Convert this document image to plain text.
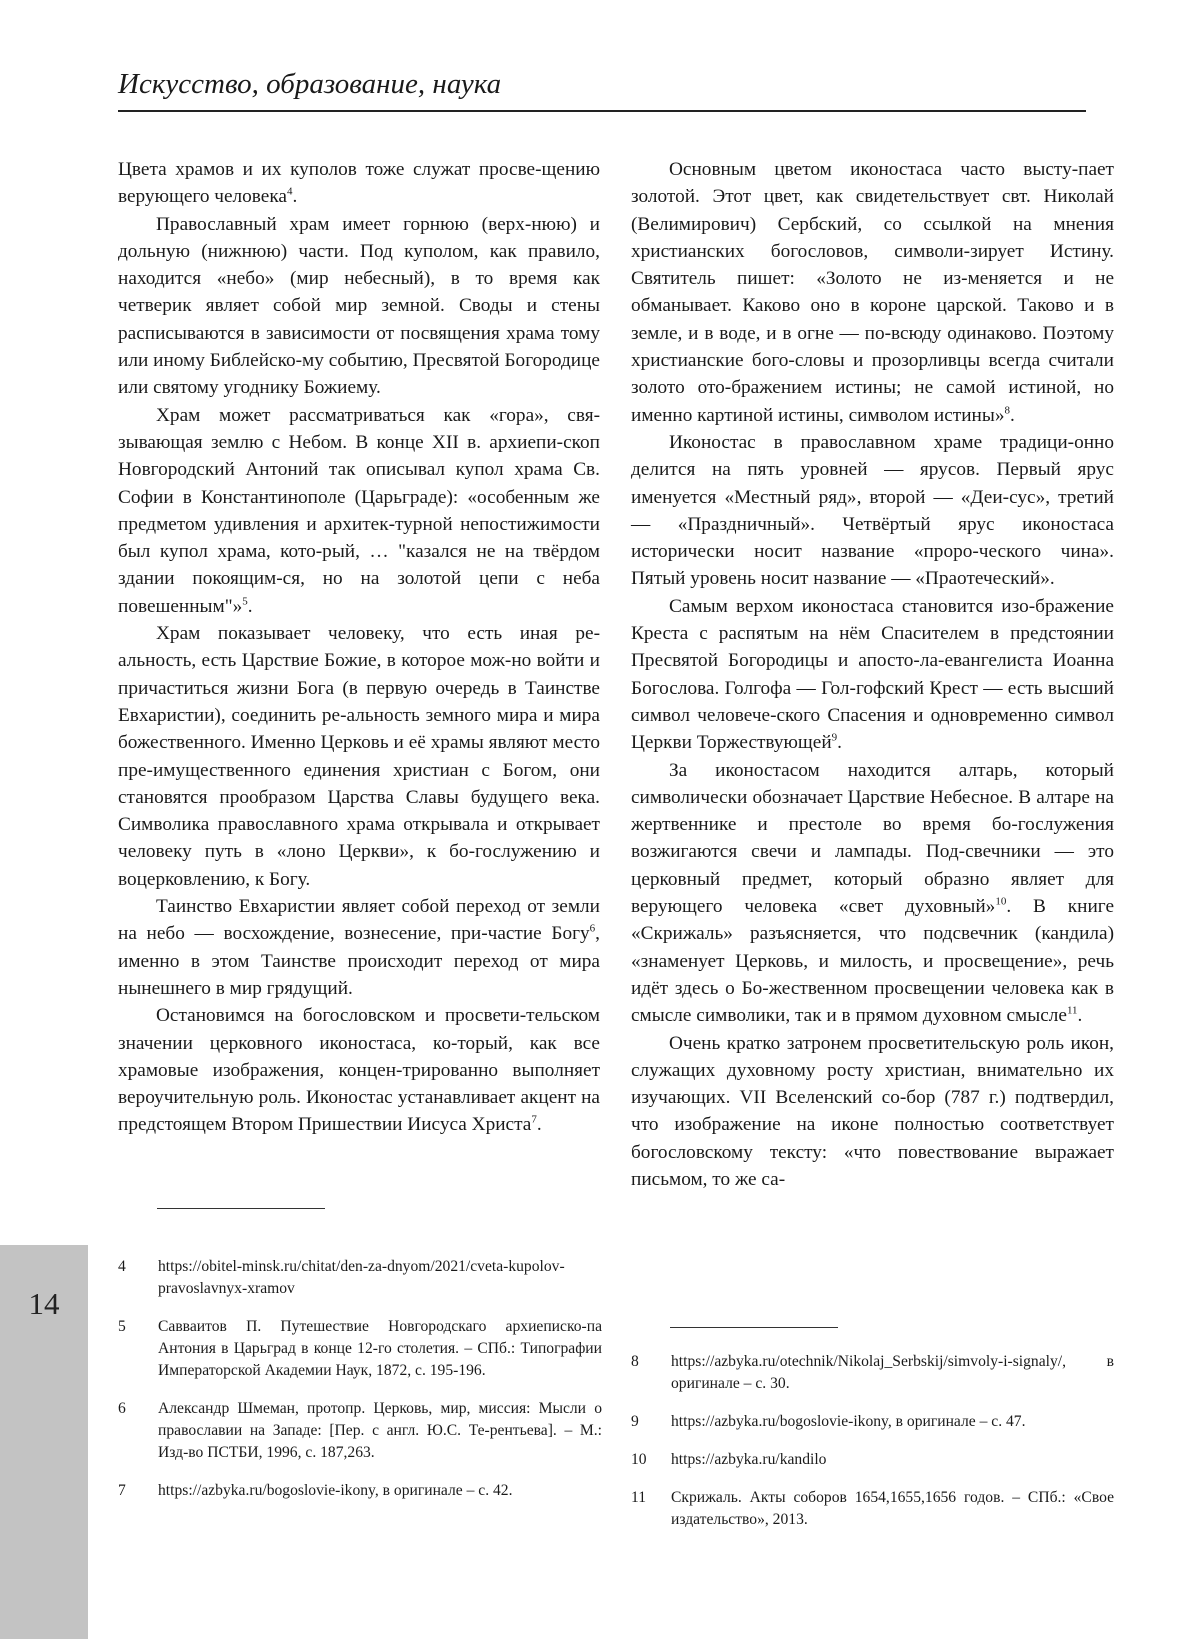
Искусство, образование, наука

Цвета храмов и их куполов тоже служат просве-щению верующего человека$^4$.

Православный храм имеет горнюю (верх-нюю) и дольную (нижнюю) части. Под куполом, как правило, находится «небо» (мир небесный), в то время как четверик являет собой мир земной. Своды и стены расписываются в зависимости от посвящения храма тому или иному Библейско-му событию, Пресвятой Богородице или святому угоднику Божиему.

Храм может рассматриваться как «гора», свя-зывающая землю с Небом. В конце XII в. архиепи-скоп Новгородский Антоний так описывал купол храма Св. Софии в Константинополе (Царьграде): «особенным же предметом удивления и архитек-турной непостижимости был купол храма, кото-рый, … "казался не на твёрдом здании покоящим-ся, но на золотой цепи с неба повешенным"»$^5$.

Храм показывает человеку, что есть иная ре-альность, есть Царствие Божие, в которое мож-но войти и причаститься жизни Бога (в первую очередь в Таинстве Евхаристии), соединить ре-альность земного мира и мира божественного. Именно Церковь и её храмы являют место пре-имущественного единения христиан с Богом, они становятся прообразом Царства Славы будущего века. Символика православного храма открывала и открывает человеку путь в «лоно Церкви», к бо-гослужению и воцерковлению, к Богу.

Таинство Евхаристии являет собой переход от земли на небо — восхождение, вознесение, при-частие Богу$^6$, именно в этом Таинстве происходит переход от мира нынешнего в мир грядущий.

Остановимся на богословском и просвети-тельском значении церковного иконостаса, ко-торый, как все храмовые изображения, концен-трированно выполняет вероучительную роль. Иконостас устанавливает акцент на предстоящем Втором Пришествии Иисуса Христа$^7$.

Основным цветом иконостаса часто высту-пает золотой. Этот цвет, как свидетельствует свт. Николай (Велимирович) Сербский, со ссылкой на мнения христианских богословов, символи-зирует Истину. Святитель пишет: «Золото не из-меняется и не обманывает. Каково оно в короне царской. Таково и в земле, и в воде, и в огне — по-всюду одинаково. Поэтому христианские бого-словы и прозорливцы всегда считали золото ото-бражением истины; не самой истиной, но именно картиной истины, символом истины»$^8$.

Иконостас в православном храме традици-онно делится на пять уровней — ярусов. Первый ярус именуется «Местный ряд», второй — «Деи-сус», третий — «Праздничный». Четвёртый ярус иконостаса исторически носит название «проро-ческого чина». Пятый уровень носит название — «Праотеческий».

Самым верхом иконостаса становится изо-бражение Креста с распятым на нём Спасителем в предстоянии Пресвятой Богородицы и апосто-ла-евангелиста Иоанна Богослова. Голгофа — Гол-гофский Крест — есть высший символ человече-ского Спасения и одновременно символ Церкви Торжествующей$^9$.

За иконостасом находится алтарь, который символически обозначает Царствие Небесное. В алтаре на жертвеннике и престоле во время бо-гослужения возжигаются свечи и лампады. Под-свечники — это церковный предмет, который образно являет для верующего человека «свет духовный»$^{10}$. В книге «Скрижаль» разъясняется, что подсвечник (кандила) «знаменует Церковь, и милость, и просвещение», речь идёт здесь о Бо-жественном просвещении человека как в смысле символики, так и в прямом духовном смысле$^{11}$.

Очень кратко затронем просветительскую роль икон, служащих духовному росту христиан, внимательно их изучающих. VII Вселенский со-бор (787 г.) подтвердил, что изображение на иконе полностью соответствует богословскому тексту: «что повествование выражает письмом, то же са-

4	https://obitel-minsk.ru/chitat/den-za-dnyom/2021/cveta-kupolov-pravoslavnyx-xramov
5	Савваитов П. Путешествие Новгородскаго архиеписко-па Антония в Царьград в конце 12-го столетия. – СПб.: Типографии Императорской Академии Наук, 1872, с. 195-196.
6	Александр Шмеман, протопр. Церковь, мир, миссия: Мысли о православии на Западе: [Пер. с англ. Ю.С. Те-рентьева]. – М.: Изд-во ПСТБИ, 1996, с. 187,263.
7	https://azbyka.ru/bogoslovie-ikony, в оригинале – с. 42.
8	https://azbyka.ru/otechnik/Nikolaj_Serbskij/simvoly-i-signaly/, в оригинале – с. 30.
9	https://azbyka.ru/bogoslovie-ikony, в оригинале – с. 47.
10	https://azbyka.ru/kandilo
11	Скрижаль. Акты соборов 1654,1655,1656 годов. – СПб.: «Свое издательство», 2013.
14
